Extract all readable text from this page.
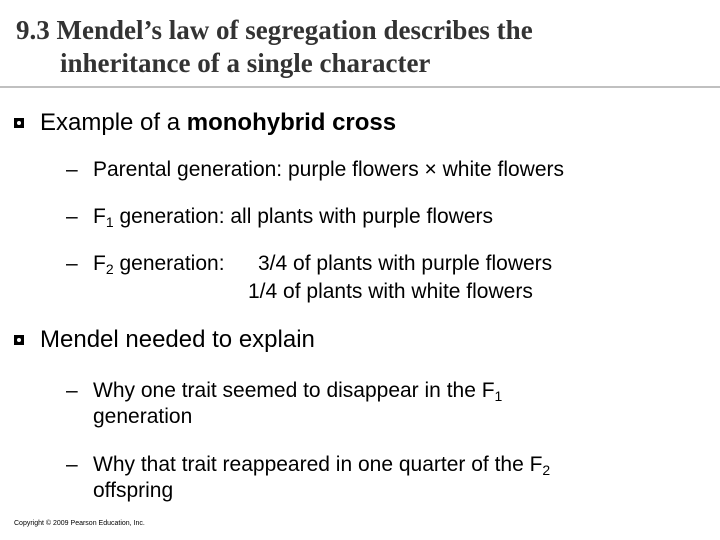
9.3 Mendel’s law of segregation describes the
inheritance of a single character
Example of a monohybrid cross
– Parental generation: purple flowers × white flowers
– F1 generation: all plants with purple flowers
– F2 generation: 3/4 of plants with purple flowers
1/4 of plants with white flowers
Mendel needed to explain
– Why one trait seemed to disappear in the F1
generation
– Why that trait reappeared in one quarter of the F2
offspring
Copyright © 2009 Pearson Education, Inc.
